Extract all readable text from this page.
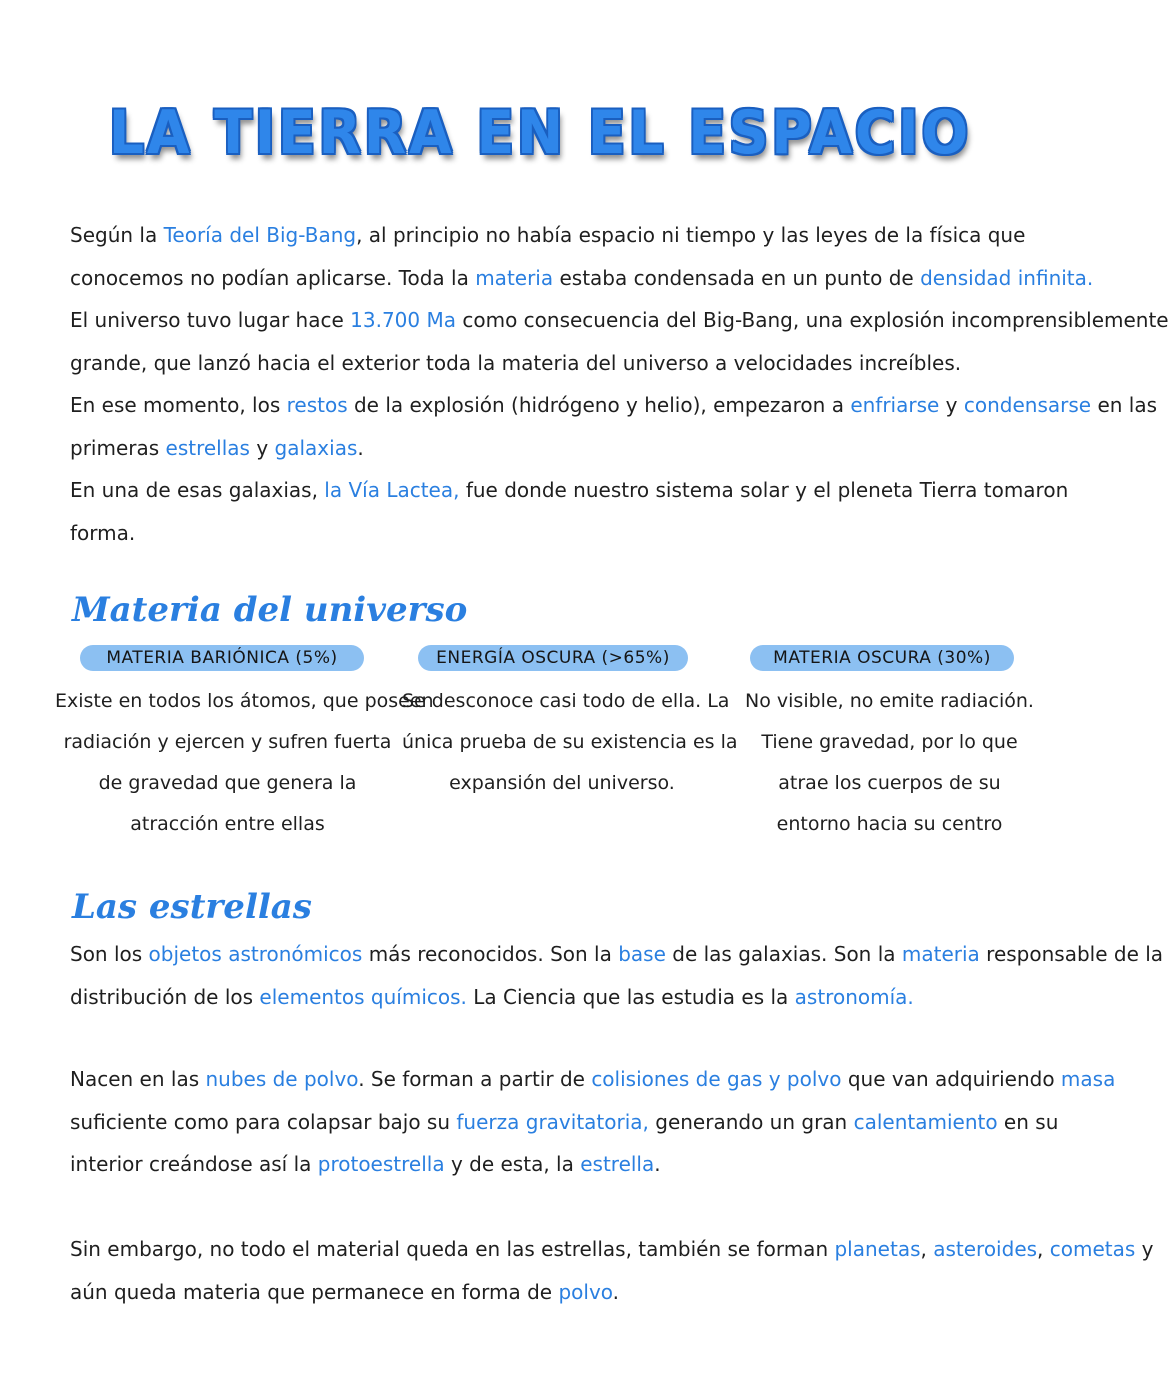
LA TIERRA EN EL ESPACIO
Según la Teoría del Big-Bang, al principio no había espacio ni tiempo y las leyes de la física que
conocemos no podían aplicarse. Toda la materia estaba condensada en un punto de densidad infinita.
El universo tuvo lugar hace 13.700 Ma como consecuencia del Big-Bang, una explosión incomprensiblemente
grande, que lanzó hacia el exterior toda la materia del universo a velocidades increíbles.
En ese momento, los restos de la explosión (hidrógeno y helio), empezaron a enfriarse y condensarse en las
primeras estrellas y galaxias.
En una de esas galaxias, la Vía Lactea, fue donde nuestro sistema solar y el pleneta Tierra tomaron
forma.
Materia del universo
MATERIA BARIÓNICA (5%)	ENERGÍA OSCURA (>65%)	MATERIA OSCURA (30%)
Existe en todos los átomos, que poseen
radiación y ejercen y sufren fuerta
de gravedad que genera la
atracción entre ellas
Se desconoce casi todo de ella. La
única prueba de su existencia es la
expansión del universo.
No visible, no emite radiación.
Tiene gravedad, por lo que
atrae los cuerpos de su
entorno hacia su centro
Las estrellas
Son los objetos astronómicos más reconocidos. Son la base de las galaxias. Son la materia responsable de la
distribución de los elementos químicos. La Ciencia que las estudia es la astronomía.
Nacen en las nubes de polvo. Se forman a partir de colisiones de gas y polvo que van adquiriendo masa
suficiente como para colapsar bajo su fuerza gravitatoria, generando un gran calentamiento en su
interior creándose así la protoestrella y de esta, la estrella.
Sin embargo, no todo el material queda en las estrellas, también se forman planetas, asteroides, cometas y
aún queda materia que permanece en forma de polvo.
